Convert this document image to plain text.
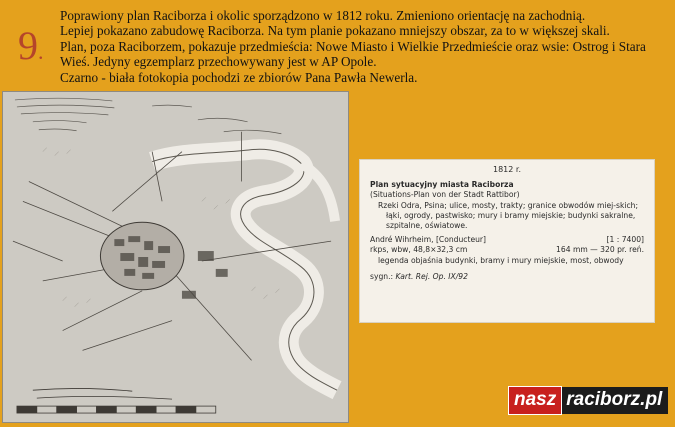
9.

Poprawiony plan Raciborza i okolic sporządzono w 1812 roku. Zmieniono orientację na zachodnią.

Lepiej pokazano zabudowę Raciborza. Na tym planie pokazano mniejszy obszar, za to w większej skali.

Plan, poza Raciborzem, pokazuje przedmieścia: Nowe Miasto i Wielkie Przedmieście oraz wsie: Ostrog i Stara Wieś. Jedyny egzemplarz przechowywany jest w AP Opole.

Czarno - biała fotokopia pochodzi ze zbiorów Pana Pawła Newerla.

1812 r.
Plan sytuacyjny miasta Raciborza
(Situations-Plan von der Stadt Rattibor)
Rzeki Odra, Psina; ulice, mosty, trakty; granice obwodów miej-skich; łąki, ogrody, pastwisko; mury i bramy miejskie; budynki sakralne, szpitalne, oświatowe.
André Wihrheim, [Conducteur]	[1 : 7400]
rkps, wbw, 48,8×32,3 cm	164 mm — 320 pr. reń.
legenda objaśnia budynki, bramy i mury miejskie, most, obwody
sygn.: Kart. Rej. Op. IX/92
nasz raciborz.pl
